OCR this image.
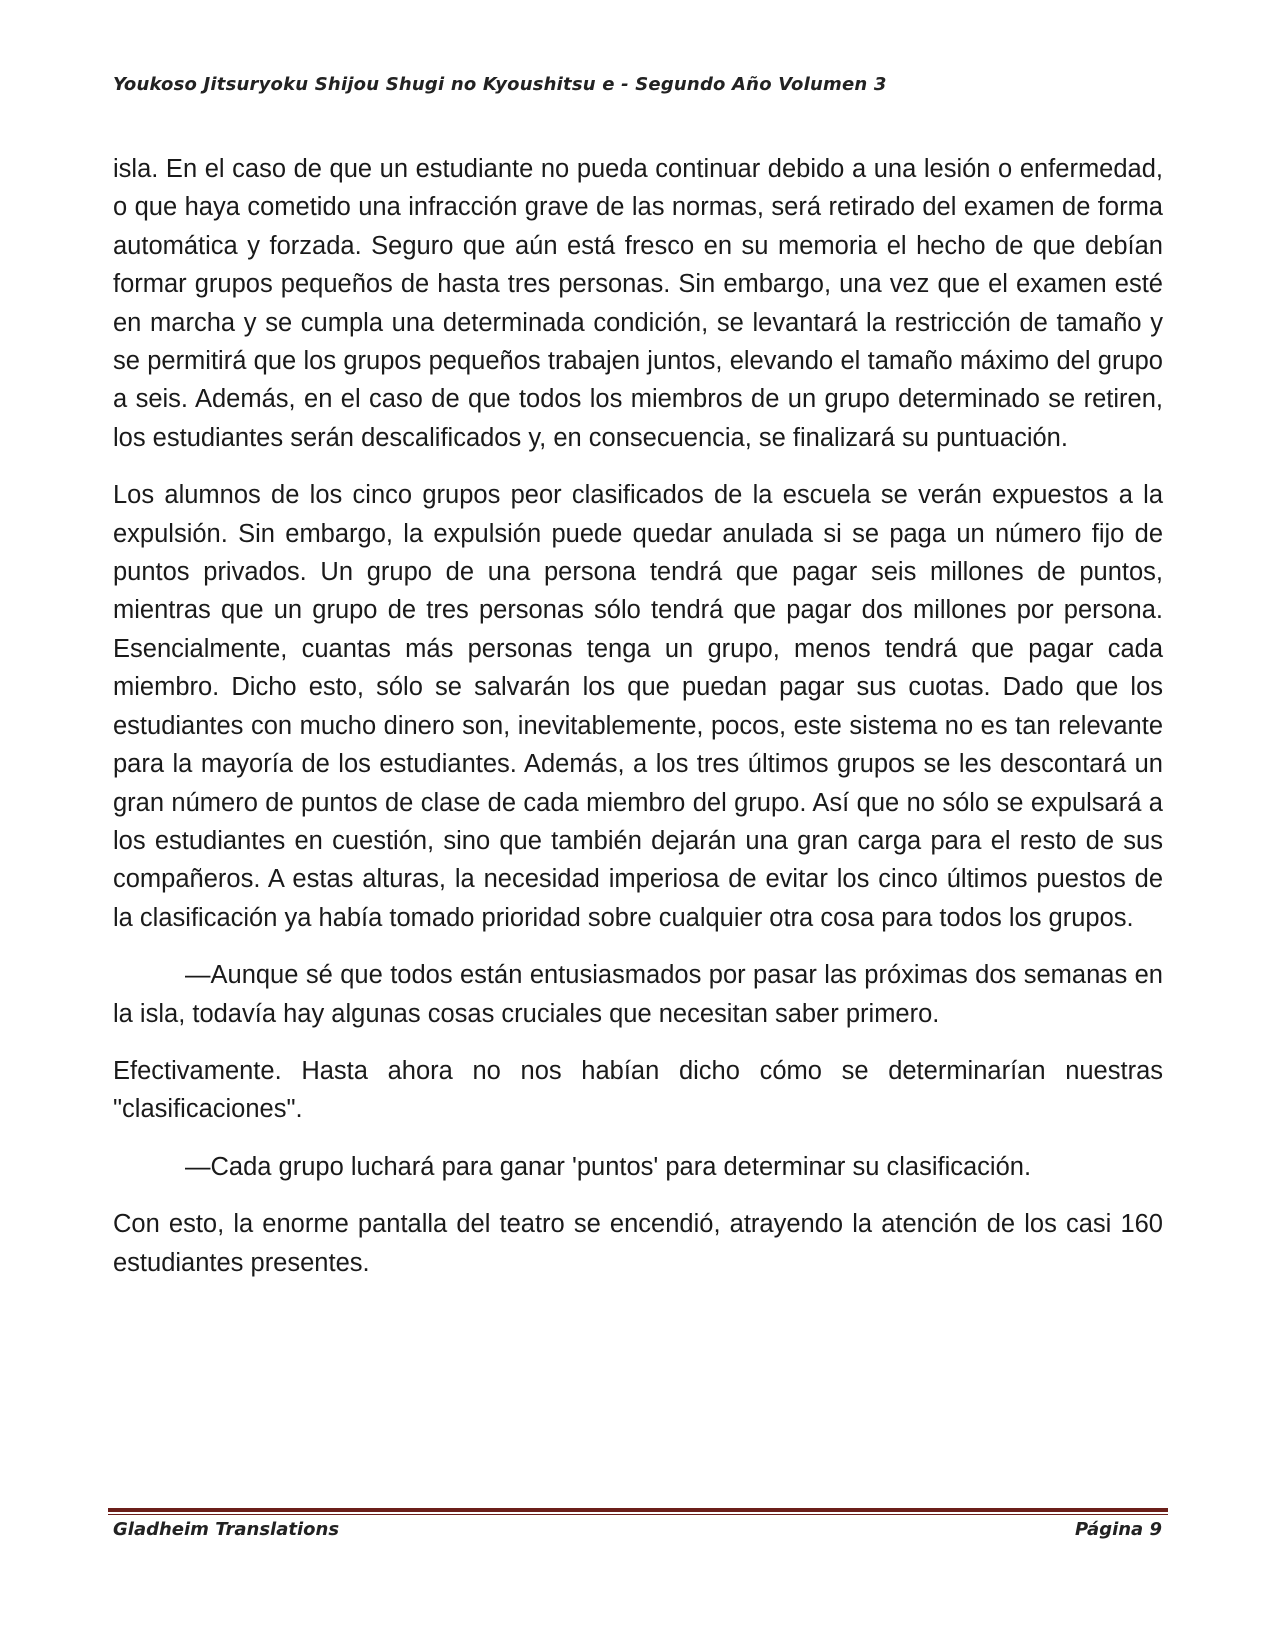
Youkoso Jitsuryoku Shijou Shugi no Kyoushitsu e - Segundo Año Volumen 3

isla. En el caso de que un estudiante no pueda continuar debido a una lesión o enfermedad, o que haya cometido una infracción grave de las normas, será retirado del examen de forma automática y forzada. Seguro que aún está fresco en su memoria el hecho de que debían formar grupos pequeños de hasta tres personas. Sin embargo, una vez que el examen esté en marcha y se cumpla una determinada condición, se levantará la restricción de tamaño y se permitirá que los grupos pequeños trabajen juntos, elevando el tamaño máximo del grupo a seis. Además, en el caso de que todos los miembros de un grupo determinado se retiren, los estudiantes serán descalificados y, en consecuencia, se finalizará su puntuación.

Los alumnos de los cinco grupos peor clasificados de la escuela se verán expuestos a la expulsión. Sin embargo, la expulsión puede quedar anulada si se paga un número fijo de puntos privados. Un grupo de una persona tendrá que pagar seis millones de puntos, mientras que un grupo de tres personas sólo tendrá que pagar dos millones por persona. Esencialmente, cuantas más personas tenga un grupo, menos tendrá que pagar cada miembro. Dicho esto, sólo se salvarán los que puedan pagar sus cuotas. Dado que los estudiantes con mucho dinero son, inevitablemente, pocos, este sistema no es tan relevante para la mayoría de los estudiantes. Además, a los tres últimos grupos se les descontará un gran número de puntos de clase de cada miembro del grupo. Así que no sólo se expulsará a los estudiantes en cuestión, sino que también dejarán una gran carga para el resto de sus compañeros. A estas alturas, la necesidad imperiosa de evitar los cinco últimos puestos de la clasificación ya había tomado prioridad sobre cualquier otra cosa para todos los grupos.

—Aunque sé que todos están entusiasmados por pasar las próximas dos semanas en la isla, todavía hay algunas cosas cruciales que necesitan saber primero.

Efectivamente. Hasta ahora no nos habían dicho cómo se determinarían nuestras "clasificaciones".

—Cada grupo luchará para ganar 'puntos' para determinar su clasificación.

Con esto, la enorme pantalla del teatro se encendió, atrayendo la atención de los casi 160 estudiantes presentes.

Gladheim Translations	Página 9
